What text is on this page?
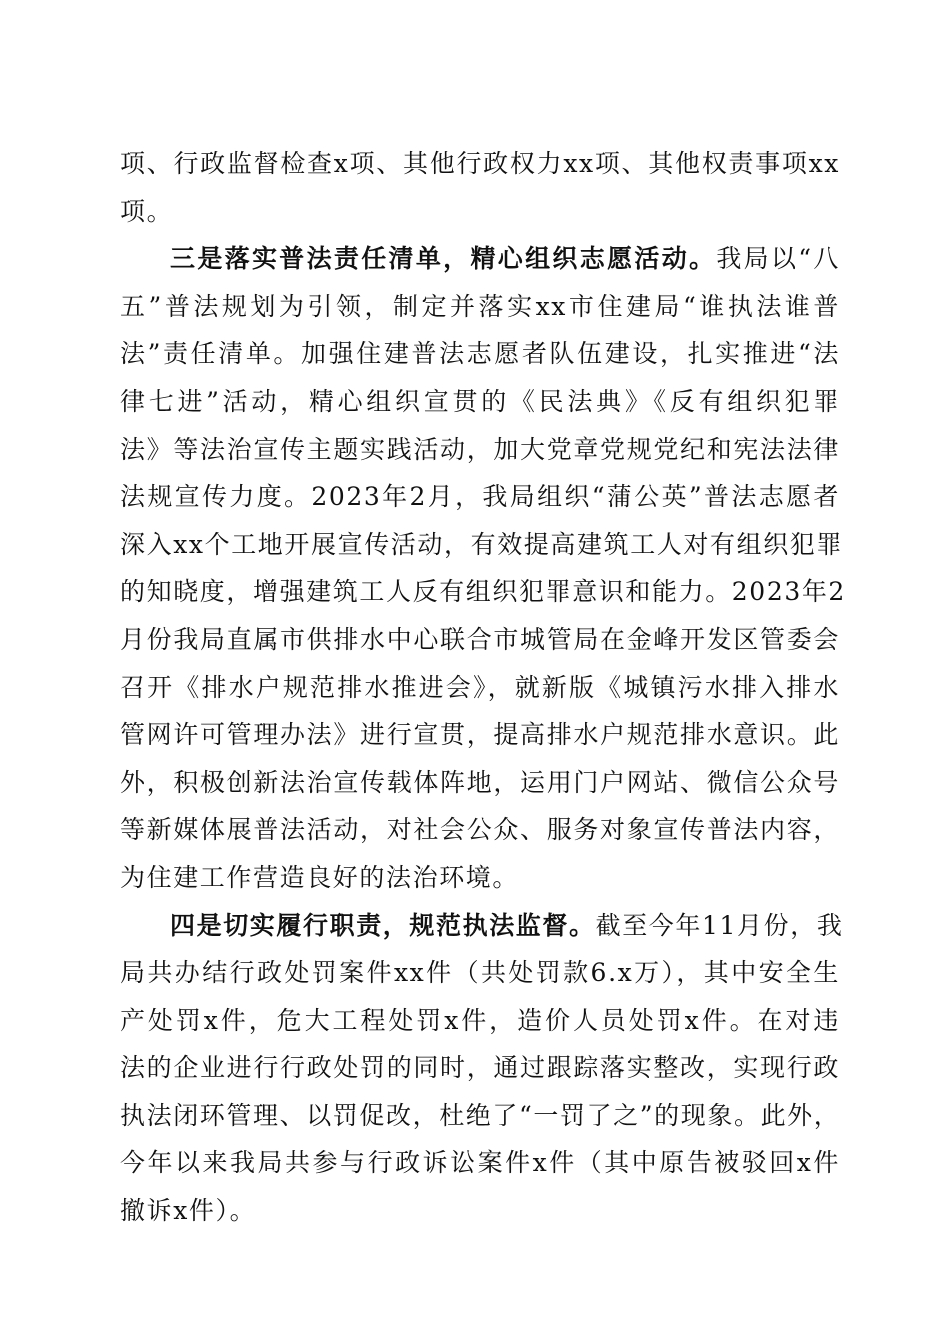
项、行政监督检查x项、其他行政权力xx项、其他权责事项xx
项。
三是落实普法责任清单，精心组织志愿活动。我局以“八
五”普法规划为引领，制定并落实xx市住建局“谁执法谁普
法”责任清单。加强住建普法志愿者队伍建设，扎实推进“法
律七进”活动，精心组织宣贯的《民法典》《反有组织犯罪
法》等法治宣传主题实践活动，加大党章党规党纪和宪法法律
法规宣传力度。2023年2月，我局组织“蒲公英”普法志愿者
深入xx个工地开展宣传活动，有效提高建筑工人对有组织犯罪
的知晓度，增强建筑工人反有组织犯罪意识和能力。2023年2
月份我局直属市供排水中心联合市城管局在金峰开发区管委会
召开《排水户规范排水推进会》，就新版《城镇污水排入排水
管网许可管理办法》进行宣贯，提高排水户规范排水意识。此
外，积极创新法治宣传载体阵地，运用门户网站、微信公众号
等新媒体展普法活动，对社会公众、服务对象宣传普法内容，
为住建工作营造良好的法治环境。
四是切实履行职责，规范执法监督。截至今年11月份，我
局共办结行政处罚案件xx件（共处罚款6.x万），其中安全生
产处罚x件，危大工程处罚x件，造价人员处罚x件。在对违
法的企业进行行政处罚的同时，通过跟踪落实整改，实现行政
执法闭环管理、以罚促改，杜绝了“一罚了之”的现象。此外，
今年以来我局共参与行政诉讼案件x件（其中原告被驳回x件
撤诉x件）。
